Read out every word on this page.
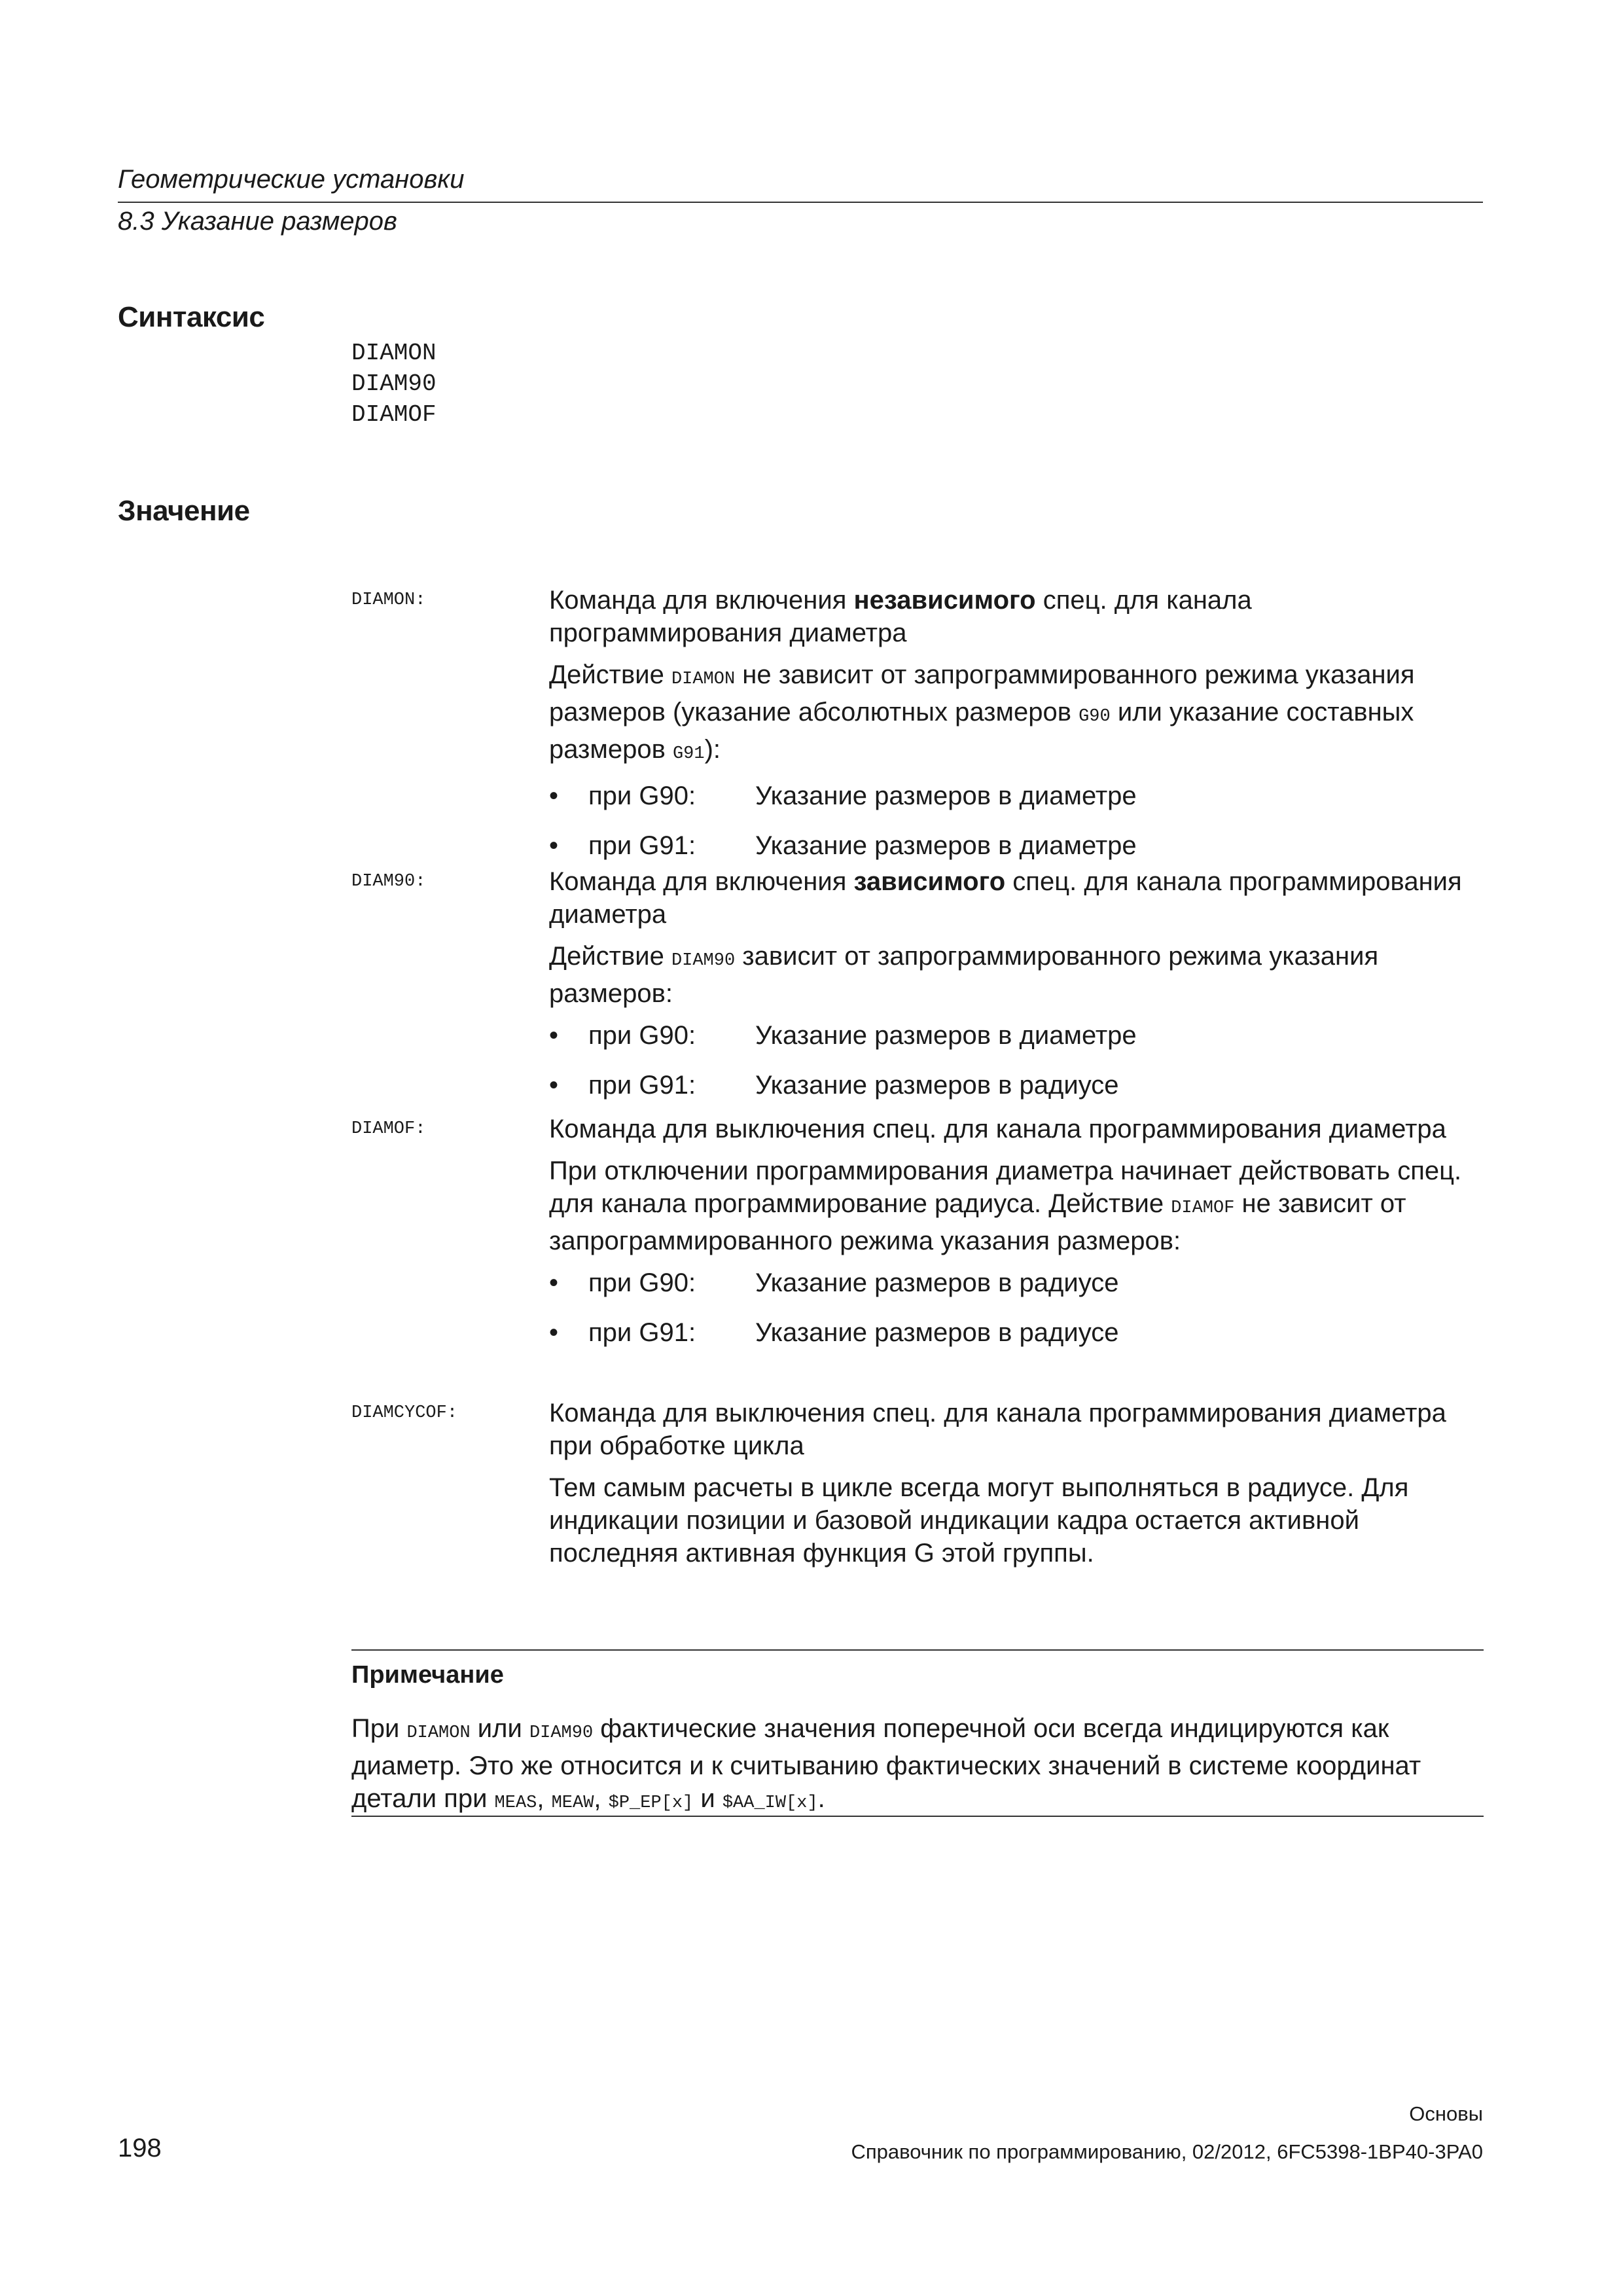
Геометрические установки
8.3 Указание размеров
Синтаксис
DIAMON
DIAM90
DIAMOF
Значение
DIAMON:	Команда для включения независимого спец. для канала программирования диаметра

Действие DIAMON не зависит от запрограммированного режима указания размеров (указание абсолютных размеров G90 или указание составных размеров G91):

• при G90: Указание размеров в диаметре
• при G91: Указание размеров в диаметре
DIAM90:	Команда для включения зависимого спец. для канала программирования диаметра

Действие DIAM90 зависит от запрограммированного режима указания размеров:

• при G90: Указание размеров в диаметре
• при G91: Указание размеров в радиусе
DIAMOF:	Команда для выключения спец. для канала программирования диаметра

При отключении программирования диаметра начинает действовать спец. для канала программирование радиуса. Действие DIAMOF не зависит от запрограммированного режима указания размеров:

• при G90: Указание размеров в радиусе
• при G91: Указание размеров в радиусе
DIAMCYCOF:	Команда для выключения спец. для канала программирования диаметра при обработке цикла

Тем самым расчеты в цикле всегда могут выполняться в радиусе. Для индикации позиции и базовой индикации кадра остается активной последняя активная функция G этой группы.

Примечание
При DIAMON или DIAM90 фактические значения поперечной оси всегда индицируются как диаметр. Это же относится и к считыванию фактических значений в системе координат детали при MEAS, MEAW, $P_EP[x] и $AA_IW[x].
Основы
198	Справочник по программированию, 02/2012, 6FC5398-1BP40-3PA0
